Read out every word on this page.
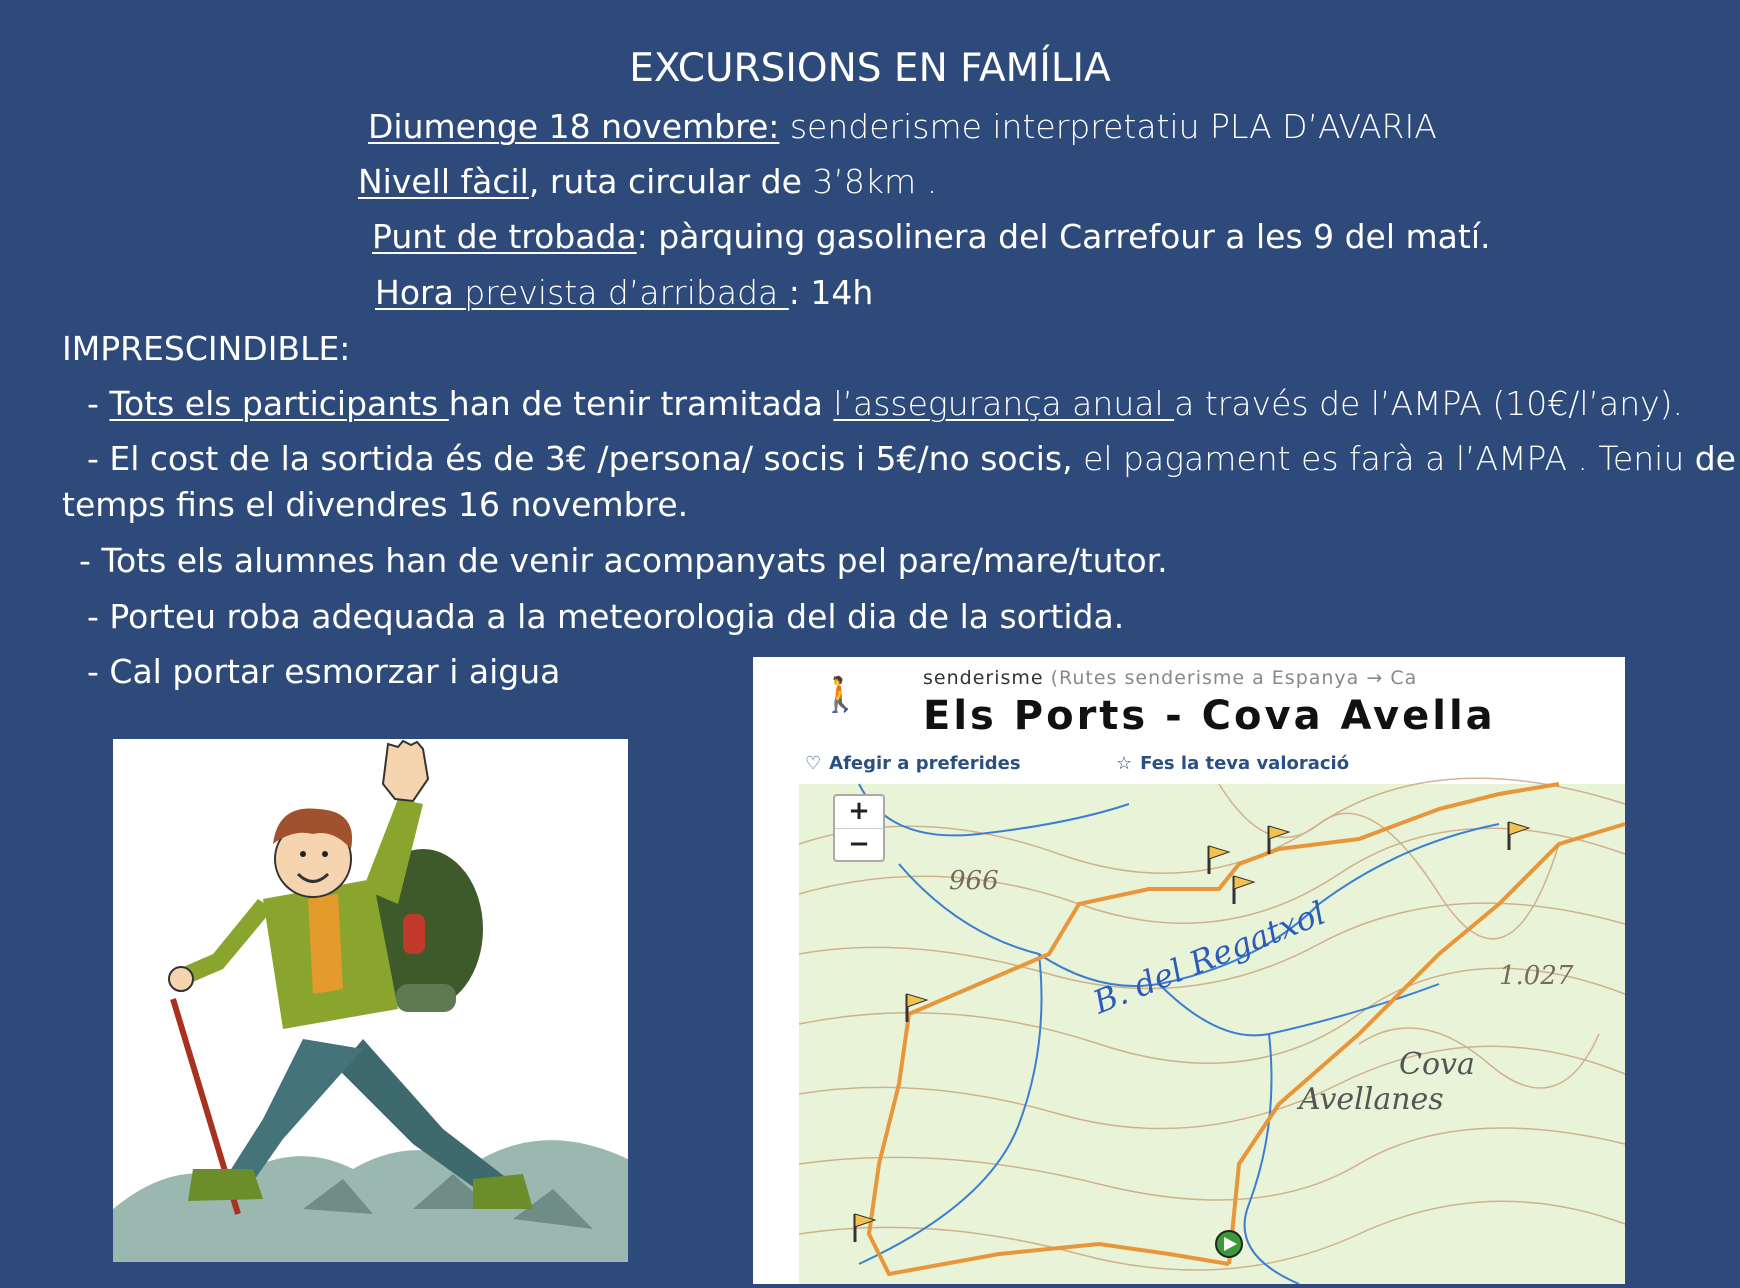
EXCURSIONS EN FAMÍLIA
Diumenge 18 novembre: senderisme interpretatiu PLA D’AVARIA
Nivell fàcil, ruta circular de 3’8km .
Punt de trobada: pàrquing gasolinera del Carrefour a les 9 del matí.
Hora prevista d’arribada : 14h
IMPRESCINDIBLE:
- Tots els participants han de tenir tramitada l’assegurança anual a través de l’AMPA (10€/l’any).
- El cost de la sortida és de 3€ /persona/ socis i 5€/no socis, el pagament es farà a l’AMPA . Teniu de
temps fins el divendres 16 novembre.
- Tots els alumnes han de venir acompanyats pel pare/mare/tutor.
- Porteu roba adequada a la meteorologia del dia de la sortida.
- Cal portar esmorzar i aigua
🚶	senderisme (Rutes senderisme a Espanya → Ca
Els Ports - Cova Avella
♡ Afegir a preferides	☆ Fes la teva valoració
966
B. del Regatxol	1.027
Cova
Avellanes
+
−
